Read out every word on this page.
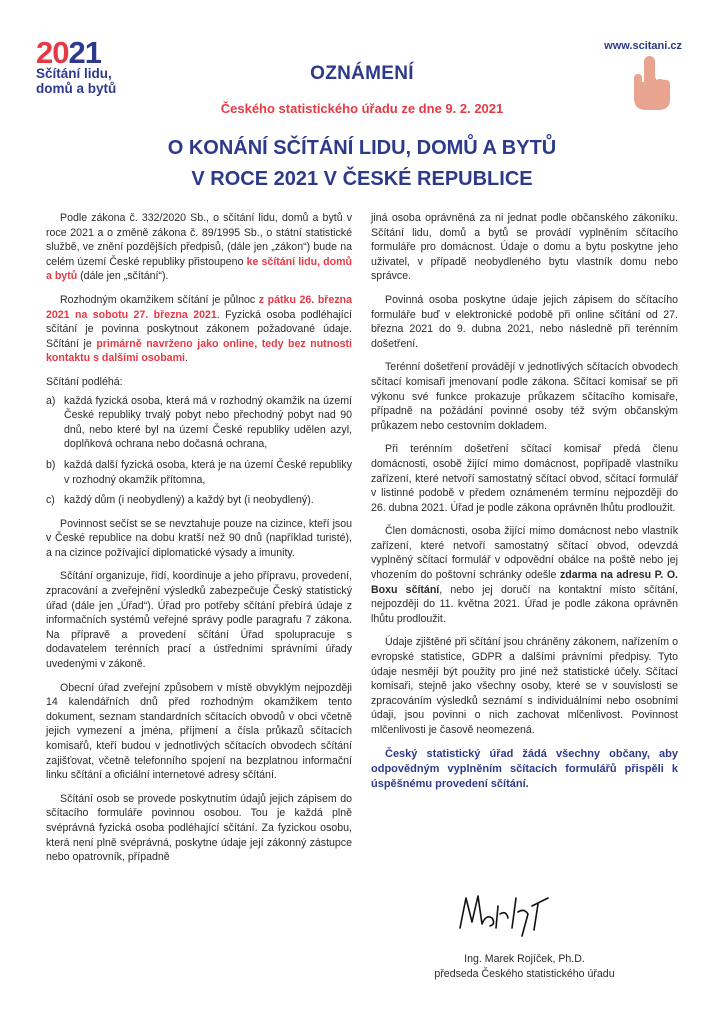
2021
Sčítání lidu,
domů a bytů
www.scitani.cz
OZNÁMENÍ
Českého statistického úřadu ze dne 9. 2. 2021
O KONÁNÍ SČÍTÁNÍ LIDU, DOMŮ A BYTŮ
V ROCE 2021 V ČESKÉ REPUBLICE

Podle zákona č. 332/2020 Sb., o sčítání lidu, domů a bytů v roce 2021 a o změně zákona č. 89/1995 Sb., o státní statistické službě, ve znění pozdějších předpisů, (dále jen „zákon“) bude na celém území České republiky přistoupeno ke sčítání lidu, domů a bytů (dále jen „sčítání“).

Rozhodným okamžikem sčítání je půlnoc z pátku 26. března 2021 na sobotu 27. března 2021. Fyzická osoba podléhající sčítání je povinna poskytnout zákonem požadované údaje. Sčítání je primárně navrženo jako online, tedy bez nutnosti kontaktu s dalšími osobami.

Sčítání podléhá:

a) každá fyzická osoba, která má v rozhodný okamžik na území České republiky trvalý pobyt nebo přechodný pobyt nad 90 dnů, nebo které byl na území České republiky udělen azyl, doplňková ochrana nebo dočasná ochrana,
b) každá další fyzická osoba, která je na území České republiky v rozhodný okamžik přítomna,
c) každý dům (i neobydlený) a každý byt (i neobydlený).

Povinnost sečíst se se nevztahuje pouze na cizince, kteří jsou v České republice na dobu kratší než 90 dnů (například turisté), a na cizince požívající diplomatické výsady a imunity.

Sčítání organizuje, řídí, koordinuje a jeho přípravu, provedení, zpracování a zveřejnění výsledků zabezpečuje Český statistický úřad (dále jen „Úřad“). Úřad pro potřeby sčítání přebírá údaje z informačních systémů veřejné správy podle paragrafu 7 zákona. Na přípravě a provedení sčítání Úřad spolupracuje s dodavatelem terénních prací a ústředními správními úřady uvedenými v zákoně.

Obecní úřad zveřejní způsobem v místě obvyklým nejpozději 14 kalendářních dnů před rozhodným okamžikem tento dokument, seznam standardních sčítacích obvodů v obci včetně jejich vymezení a jména, příjmení a čísla průkazů sčítacích komisařů, kteří budou v jednotlivých sčítacích obvodech sčítání zajišťovat, včetně telefonního spojení na bezplatnou informační linku sčítání a oficiální internetové adresy sčítání.

Sčítání osob se provede poskytnutím údajů jejich zápisem do sčítacího formuláře povinnou osobou. Tou je každá plně svéprávná fyzická osoba podléhající sčítání. Za fyzickou osobu, která není plně svéprávná, poskytne údaje její zákonný zástupce nebo opatrovník, případně

jiná osoba oprávněná za ni jednat podle občanského zákoníku. Sčítání lidu, domů a bytů se provádí vyplněním sčítacího formuláře pro domácnost. Údaje o domu a bytu poskytne jeho uživatel, v případě neobydleného bytu vlastník domu nebo správce.

Povinná osoba poskytne údaje jejich zápisem do sčítacího formuláře buď v elektronické podobě při online sčítání od 27. března 2021 do 9. dubna 2021, nebo následně při terénním došetření.

Terénní došetření provádějí v jednotlivých sčítacích obvodech sčítací komisaři jmenovaní podle zákona. Sčítací komisař se při výkonu své funkce prokazuje průkazem sčítacího komisaře, případně na požádání povinné osoby též svým občanským průkazem nebo cestovním dokladem.

Při terénním došetření sčítací komisař předá členu domácnosti, osobě žijící mimo domácnost, popřípadě vlastníku zařízení, které netvoří samostatný sčítací obvod, sčítací formulář v listinné podobě v předem oznámeném termínu nejpozději do 26. dubna 2021. Úřad je podle zákona oprávněn lhůtu prodloužit.

Člen domácnosti, osoba žijící mimo domácnost nebo vlastník zařízení, které netvoří samostatný sčítací obvod, odevzdá vyplněný sčítací formulář v odpovědní obálce na poště nebo jej vhozením do poštovní schránky odešle zdarma na adresu P. O. Boxu sčítání, nebo jej doručí na kontaktní místo sčítání, nejpozději do 11. května 2021. Úřad je podle zákona oprávněn lhůtu prodloužit.

Údaje zjištěné při sčítání jsou chráněny zákonem, nařízením o evropské statistice, GDPR a dalšími právními předpisy. Tyto údaje nesmějí být použity pro jiné než statistické účely. Sčítací komisaři, stejně jako všechny osoby, které se v souvislosti se zpracováním výsledků seznámí s individuálními nebo osobními údaji, jsou povinni o nich zachovat mlčenlivost. Povinnost mlčenlivosti je časově neomezená.

Český statistický úřad žádá všechny občany, aby odpovědným vyplněním sčítacích formulářů přispěli k úspěšnému provedení sčítání.
Ing. Marek Rojíček, Ph.D.
předseda Českého statistického úřadu
